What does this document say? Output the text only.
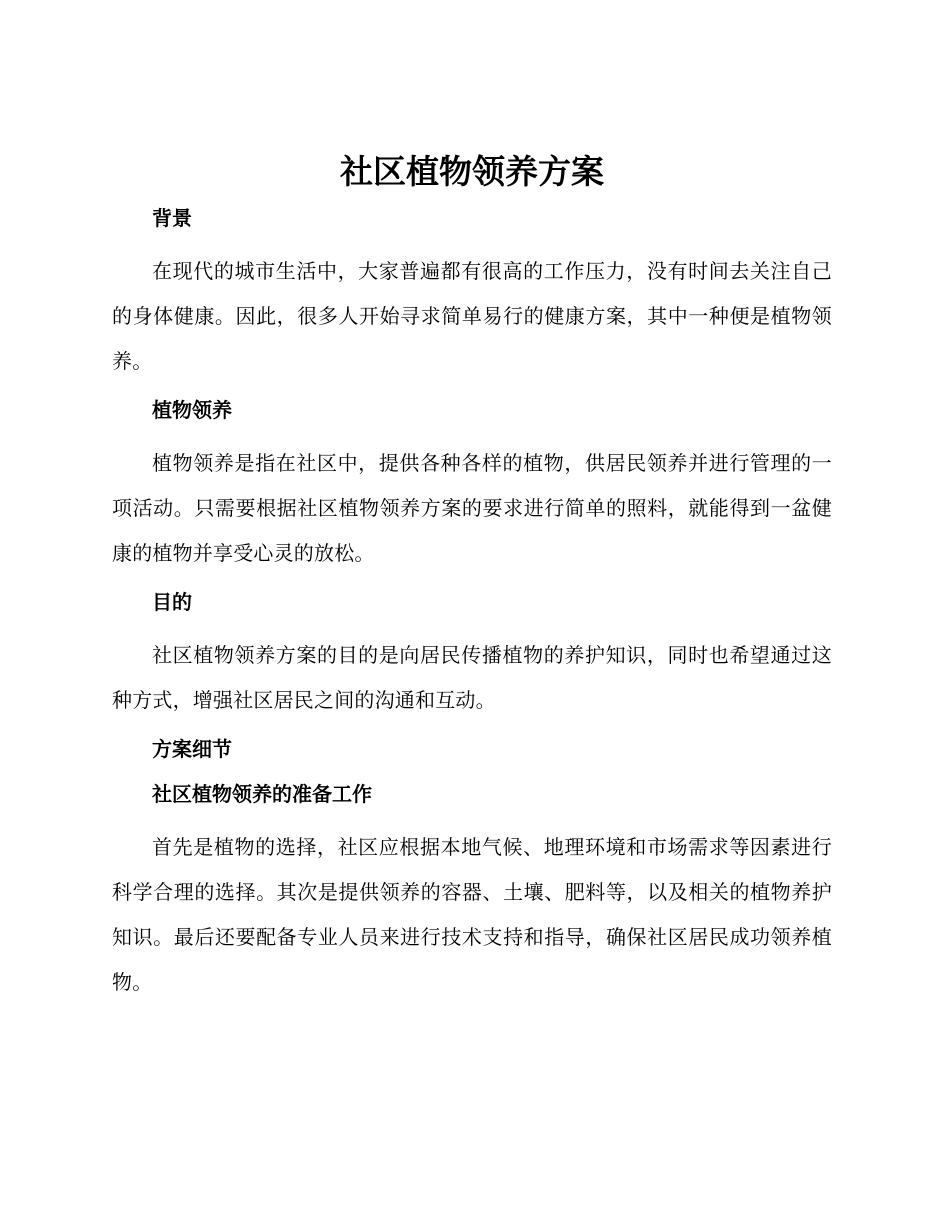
社区植物领养方案
背景

在现代的城市生活中，大家普遍都有很高的工作压力，没有时间去关注自己的身体健康。因此，很多人开始寻求简单易行的健康方案，其中一种便是植物领养。

植物领养

植物领养是指在社区中，提供各种各样的植物，供居民领养并进行管理的一项活动。只需要根据社区植物领养方案的要求进行简单的照料，就能得到一盆健康的植物并享受心灵的放松。

目的

社区植物领养方案的目的是向居民传播植物的养护知识，同时也希望通过这种方式，增强社区居民之间的沟通和互动。

方案细节
社区植物领养的准备工作

首先是植物的选择，社区应根据本地气候、地理环境和市场需求等因素进行科学合理的选择。其次是提供领养的容器、土壤、肥料等，以及相关的植物养护知识。最后还要配备专业人员来进行技术支持和指导，确保社区居民成功领养植物。
